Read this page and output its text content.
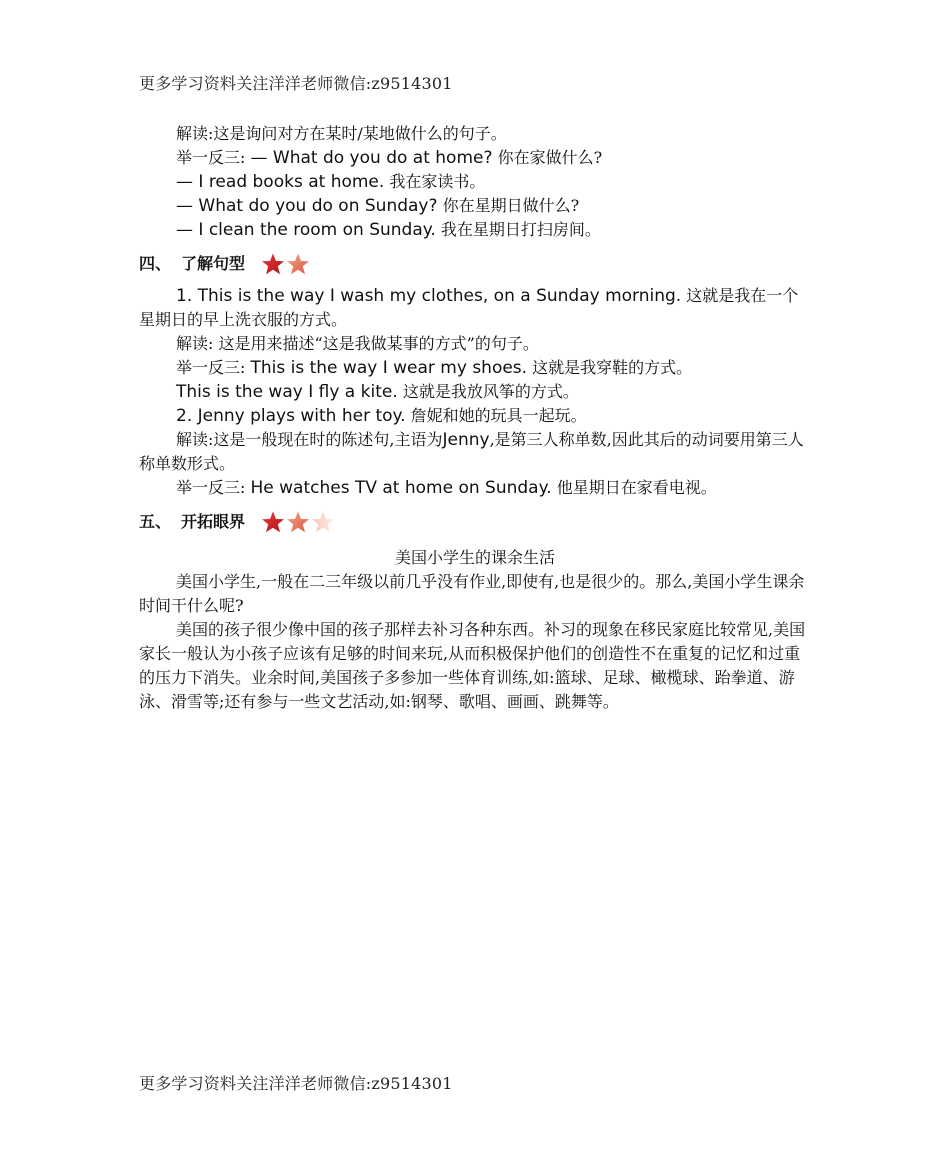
更多学习资料关注洋洋老师微信:z9514301

解读:这是询问对方在某时/某地做什么的句子。

举一反三: — What do you do at home? 你在家做什么?

— I read books at home. 我在家读书。

— What do you do on Sunday? 你在星期日做什么?

— I clean the room on Sunday. 我在星期日打扫房间。

四、 了解句型

1. This is the way I wash my clothes, on a Sunday morning. 这就是我在一个星期日的早上洗衣服的方式。

解读: 这是用来描述“这是我做某事的方式”的句子。

举一反三: This is the way I wear my shoes. 这就是我穿鞋的方式。

This is the way I fly a kite. 这就是我放风筝的方式。

2. Jenny plays with her toy. 詹妮和她的玩具一起玩。

解读:这是一般现在时的陈述句,主语为Jenny,是第三人称单数,因此其后的动词要用第三人称单数形式。

举一反三: He watches TV at home on Sunday. 他星期日在家看电视。

五、 开拓眼界
美国小学生的课余生活

美国小学生,一般在二三年级以前几乎没有作业,即使有,也是很少的。那么,美国小学生课余时间干什么呢?

美国的孩子很少像中国的孩子那样去补习各种东西。补习的现象在移民家庭比较常见,美国家长一般认为小孩子应该有足够的时间来玩,从而积极保护他们的创造性不在重复的记忆和过重的压力下消失。业余时间,美国孩子多参加一些体育训练,如:篮球、足球、橄榄球、跆拳道、游泳、滑雪等;还有参与一些文艺活动,如:钢琴、歌唱、画画、跳舞等。

更多学习资料关注洋洋老师微信:z9514301
